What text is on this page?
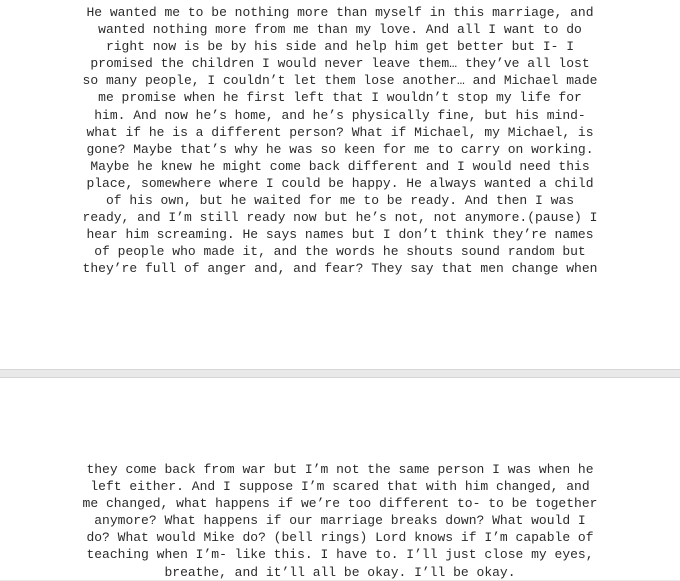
He wanted me to be nothing more than myself in this marriage, and
wanted nothing more from me than my love. And all I want to do
right now is be by his side and help him get better but I- I
promised the children I would never leave them… they’ve all lost
so many people, I couldn’t let them lose another… and Michael made
me promise when he first left that I wouldn’t stop my life for
him. And now he’s home, and he’s physically fine, but his mind-
what if he is a different person? What if Michael, my Michael, is
gone? Maybe that’s why he was so keen for me to carry on working.
Maybe he knew he might come back different and I would need this
place, somewhere where I could be happy. He always wanted a child
of his own, but he waited for me to be ready. And then I was
ready, and I’m still ready now but he’s not, not anymore.(pause) I
hear him screaming. He says names but I don’t think they’re names
of people who made it, and the words he shouts sound random but
they’re full of anger and, and fear? They say that men change when
they come back from war but I’m not the same person I was when he
left either. And I suppose I’m scared that with him changed, and
me changed, what happens if we’re too different to- to be together
anymore? What happens if our marriage breaks down? What would I
do? What would Mike do? (bell rings) Lord knows if I’m capable of
teaching when I’m- like this. I have to. I’ll just close my eyes,
breathe, and it’ll all be okay. I’ll be okay.
